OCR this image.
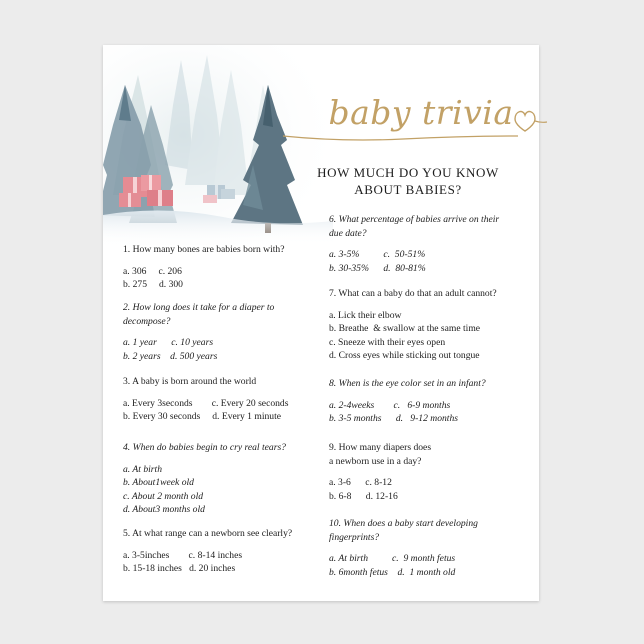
baby trivia
HOW MUCH DO YOU KNOW
ABOUT BABIES?
1. How many bones are babies born with?
a. 306     c. 206
b. 275     d. 300
2. How long does it take for a diaper to
decompose?
a. 1 year      c. 10 years
b. 2 years    d. 500 years
3. A baby is born around the world
a. Every 3seconds        c. Every 20 seconds
b. Every 30 seconds     d. Every 1 minute
4. When do babies begin to cry real tears?
a. At birth
b. About1week old
c. About 2 month old
d. About3 months old
5. At what range can a newborn see clearly?
a. 3-5inches        c. 8-14 inches
b. 15-18 inches   d. 20 inches
6. What percentage of babies arrive on their
due date?
a. 3-5%          c.  50-51%
b. 30-35%      d.  80-81%
7. What can a baby do that an adult cannot?
a. Lick their elbow
b. Breathe  & swallow at the same time
c. Sneeze with their eyes open
d. Cross eyes while sticking out tongue
8. When is the eye color set in an infant?
a. 2-4weeks        c.   6-9 months
b. 3-5 months      d.   9-12 months
9. How many diapers does
a newborn use in a day?
a. 3-6      c. 8-12
b. 6-8      d. 12-16
10. When does a baby start developing
fingerprints?
a. At birth          c.  9 month fetus
b. 6month fetus    d.  1 month old
